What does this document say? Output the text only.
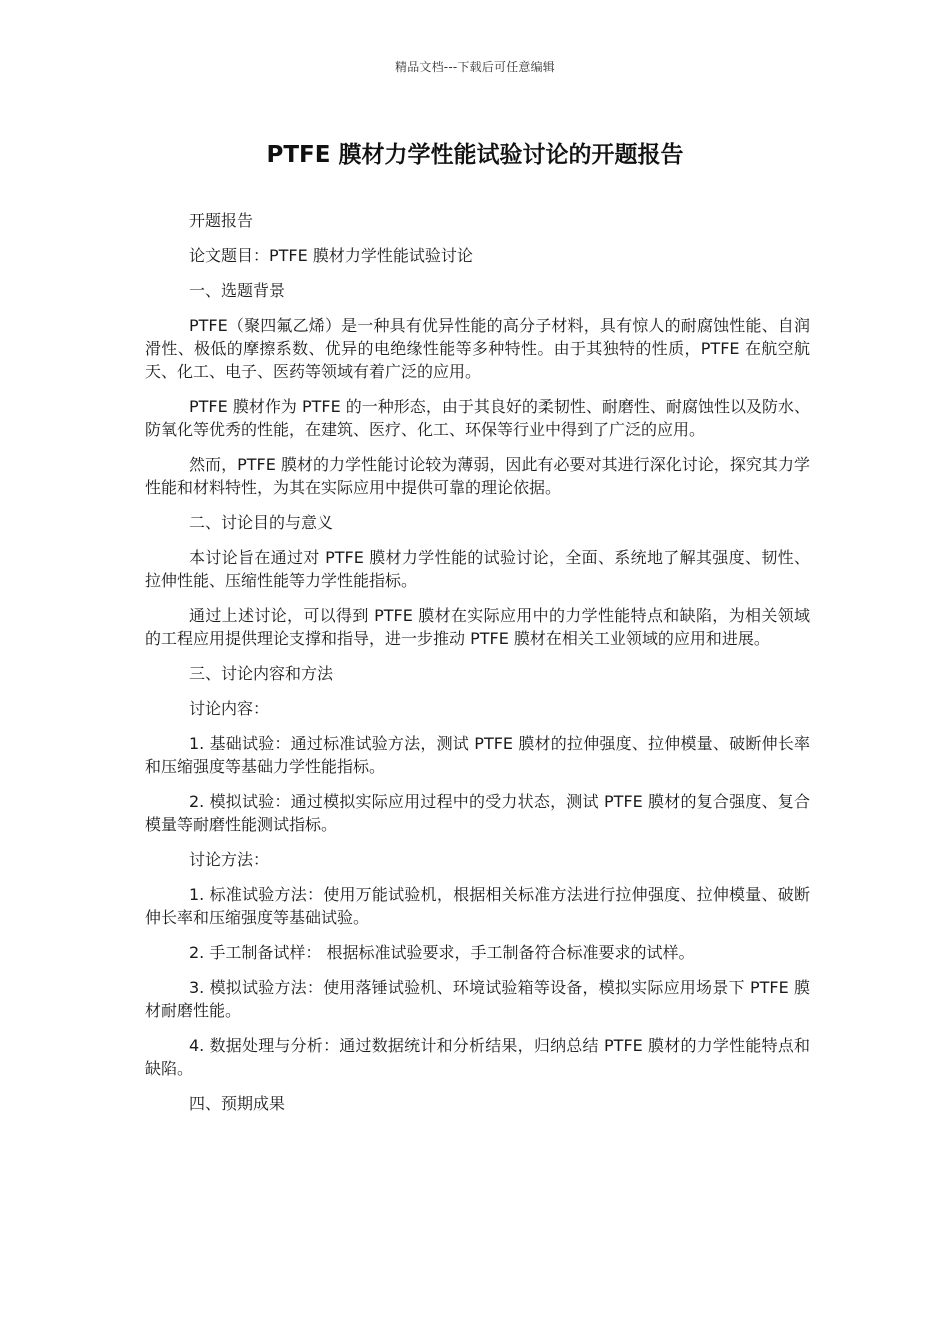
精品文档---下载后可任意编辑
PTFE 膜材力学性能试验讨论的开题报告

开题报告

论文题目：PTFE 膜材力学性能试验讨论

一、选题背景

PTFE（聚四氟乙烯）是一种具有优异性能的高分子材料，具有惊人的耐腐蚀性能、自润滑性、极低的摩擦系数、优异的电绝缘性能等多种特性。由于其独特的性质，PTFE 在航空航天、化工、电子、医药等领域有着广泛的应用。

PTFE 膜材作为 PTFE 的一种形态，由于其良好的柔韧性、耐磨性、耐腐蚀性以及防水、防氧化等优秀的性能，在建筑、医疗、化工、环保等行业中得到了广泛的应用。

然而，PTFE 膜材的力学性能讨论较为薄弱，因此有必要对其进行深化讨论，探究其力学性能和材料特性，为其在实际应用中提供可靠的理论依据。

二、讨论目的与意义

本讨论旨在通过对 PTFE 膜材力学性能的试验讨论，全面、系统地了解其强度、韧性、拉伸性能、压缩性能等力学性能指标。

通过上述讨论，可以得到 PTFE 膜材在实际应用中的力学性能特点和缺陷，为相关领域的工程应用提供理论支撑和指导，进一步推动 PTFE 膜材在相关工业领域的应用和进展。

三、讨论内容和方法

讨论内容：

1. 基础试验：通过标准试验方法，测试 PTFE 膜材的拉伸强度、拉伸模量、破断伸长率和压缩强度等基础力学性能指标。

2. 模拟试验：通过模拟实际应用过程中的受力状态，测试 PTFE 膜材的复合强度、复合模量等耐磨性能测试指标。

讨论方法：

1. 标准试验方法：使用万能试验机，根据相关标准方法进行拉伸强度、拉伸模量、破断伸长率和压缩强度等基础试验。

2. 手工制备试样： 根据标准试验要求，手工制备符合标准要求的试样。

3. 模拟试验方法：使用落锤试验机、环境试验箱等设备，模拟实际应用场景下 PTFE 膜材耐磨性能。

4. 数据处理与分析：通过数据统计和分析结果，归纳总结 PTFE 膜材的力学性能特点和缺陷。

四、预期成果
